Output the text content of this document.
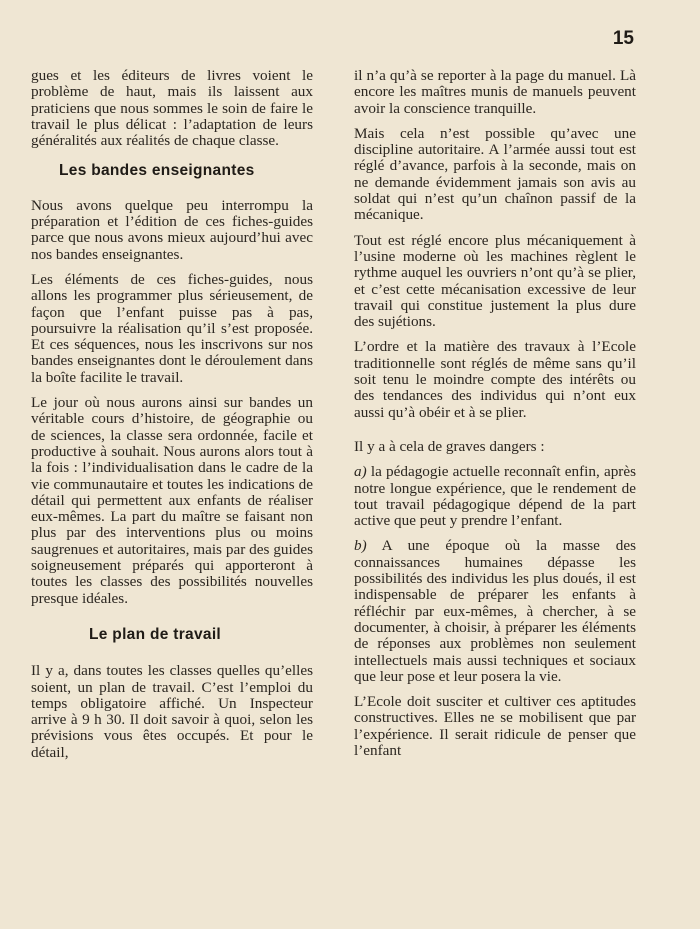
15

gues et les éditeurs de livres voient le problème de haut, mais ils laissent aux praticiens que nous sommes le soin de faire le travail le plus délicat : l’adaptation de leurs généralités aux réalités de chaque classe.

Les bandes enseignantes

Nous avons quelque peu interrompu la préparation et l’édition de ces fiches-guides parce que nous avons mieux aujourd’hui avec nos bandes enseignantes.

Les éléments de ces fiches-guides, nous allons les programmer plus sérieusement, de façon que l’enfant puisse pas à pas, poursuivre la réalisation qu’il s’est proposée. Et ces séquences, nous les inscrivons sur nos bandes enseignantes dont le déroulement dans la boîte facilite le travail.

Le jour où nous aurons ainsi sur bandes un véritable cours d’histoire, de géographie ou de sciences, la classe sera ordonnée, facile et productive à souhait. Nous aurons alors tout à la fois : l’individualisation dans le cadre de la vie communautaire et toutes les indications de détail qui permettent aux enfants de réaliser eux-mêmes. La part du maître se faisant non plus par des interventions plus ou moins saugrenues et autoritaires, mais par des guides soigneusement préparés qui apporteront à toutes les classes des possibilités nouvelles presque idéales.

Le plan de travail

Il y a, dans toutes les classes quelles qu’elles soient, un plan de travail. C’est l’emploi du temps obligatoire affiché. Un Inspecteur arrive à 9 h 30. Il doit savoir à quoi, selon les prévisions vous êtes occupés. Et pour le détail,

il n’a qu’à se reporter à la page du manuel. Là encore les maîtres munis de manuels peuvent avoir la conscience tranquille.

Mais cela n’est possible qu’avec une discipline autoritaire. A l’armée aussi tout est réglé d’avance, parfois à la seconde, mais on ne demande évidemment jamais son avis au soldat qui n’est qu’un chaînon passif de la mécanique.

Tout est réglé encore plus mécaniquement à l’usine moderne où les machines règlent le rythme auquel les ouvriers n’ont qu’à se plier, et c’est cette mécanisation excessive de leur travail qui constitue justement la plus dure des sujétions.

L’ordre et la matière des travaux à l’Ecole traditionnelle sont réglés de même sans qu’il soit tenu le moindre compte des intérêts ou des tendances des individus qui n’ont eux aussi qu’à obéir et à se plier.

Il y a à cela de graves dangers :

a) la pédagogie actuelle reconnaît enfin, après notre longue expérience, que le rendement de tout travail pédagogique dépend de la part active que peut y prendre l’enfant.

b) A une époque où la masse des connaissances humaines dépasse les possibilités des individus les plus doués, il est indispensable de préparer les enfants à réfléchir par eux-mêmes, à chercher, à se documenter, à choisir, à préparer les éléments de réponses aux problèmes non seulement intellectuels mais aussi techniques et sociaux que leur pose et leur posera la vie.

L’Ecole doit susciter et cultiver ces aptitudes constructives. Elles ne se mobilisent que par l’expérience. Il serait ridicule de penser que l’enfant
